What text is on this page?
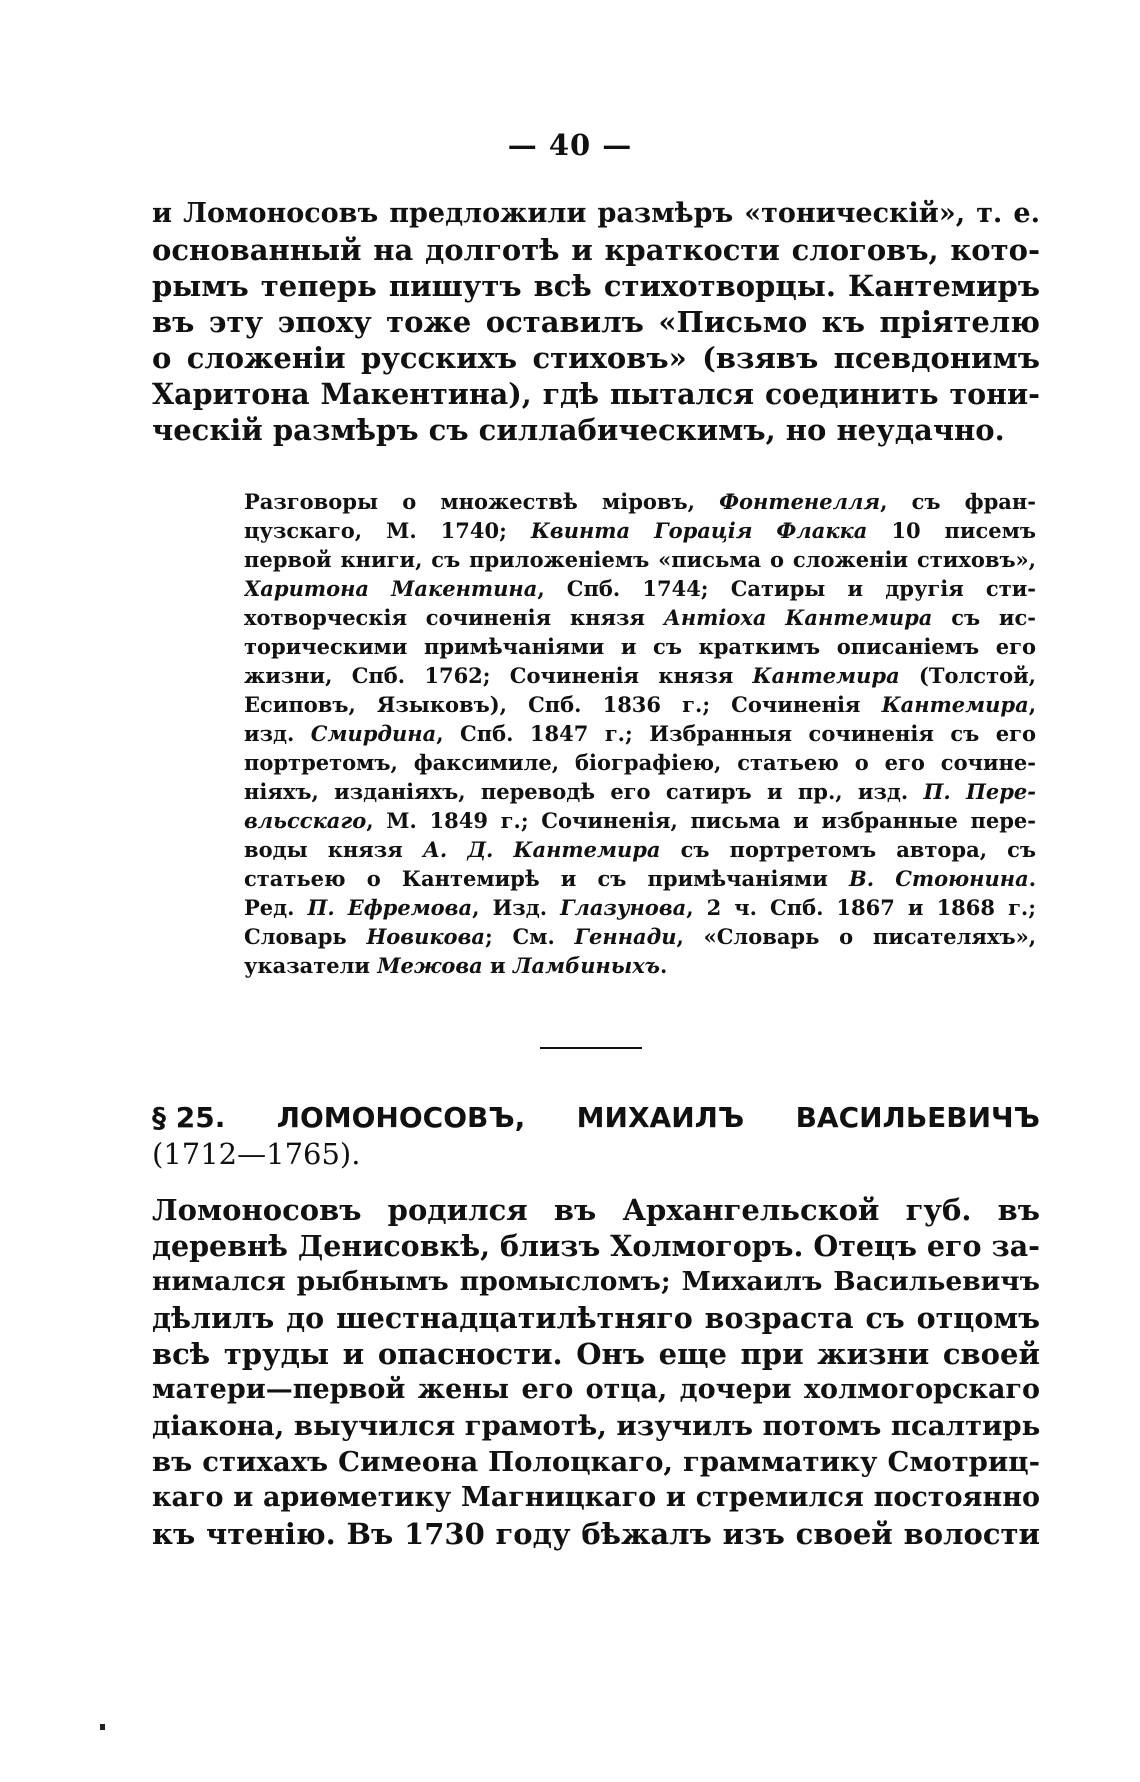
— 40 —
и Ломоносовъ предложили размѣръ «тоническій», т. е.
основанный на долготѣ и краткости слоговъ, кото-
рымъ теперь пишутъ всѣ стихотворцы. Кантемиръ
въ эту эпоху тоже оставилъ «Письмо къ пріятелю
о сложеніи русскихъ стиховъ» (взявъ псевдонимъ
Харитона Макентина), гдѣ пытался соединить тони-
ческій размѣръ съ силлабическимъ, но неудачно.
Разговоры о множествѣ міровъ, Фонтенелля, съ фран-
цузскаго, М. 1740; Квинта Горація Флакка 10 писемъ
первой книги, съ приложеніемъ «письма о сложеніи стиховъ»,
Харитона Макентина, Спб. 1744; Сатиры и другія сти-
хотворческія сочиненія князя Антіоха Кантемира съ ис-
торическими примѣчаніями и съ краткимъ описаніемъ его
жизни, Спб. 1762; Сочиненія князя Кантемира (Толстой,
Есиповъ, Языковъ), Спб. 1836 г.; Сочиненія Кантемира,
изд. Смирдина, Спб. 1847 г.; Избранныя сочиненія съ его
портретомъ, факсимиле, біографіею, статьею о его сочине-
ніяхъ, изданіяхъ, переводѣ его сатиръ и пр., изд. П. Пере-
вльсскаго, М. 1849 г.; Сочиненія, письма и избранные пере-
воды князя А. Д. Кантемира съ портретомъ автора, съ
статьею о Кантемирѣ и съ примѣчаніями В. Стоюнина.
Ред. П. Ефремова, Изд. Глазунова, 2 ч. Спб. 1867 и 1868 г.;
Словарь Новикова; См. Геннади, «Словарь о писателяхъ»,
указатели Межова и Ламбиныхъ.
§ 25. ЛОМОНОСОВЪ, МИХАИЛЪ ВАСИЛЬЕВИЧЪ
(1712—1765).
Ломоносовъ родился въ Архангельской губ. въ
деревнѣ Денисовкѣ, близъ Холмогоръ. Отецъ его за-
нимался рыбнымъ промысломъ; Михаилъ Васильевичъ
дѣлилъ до шестнадцатилѣтняго возраста съ отцомъ
всѣ труды и опасности. Онъ еще при жизни своей
матери—первой жены его отца, дочери холмогорскаго
діакона, выучился грамотѣ, изучилъ потомъ псалтирь
въ стихахъ Симеона Полоцкаго, грамматику Смотриц-
каго и ариѳметику Магницкаго и стремился постоянно
къ чтенію. Въ 1730 году бѣжалъ изъ своей волости
